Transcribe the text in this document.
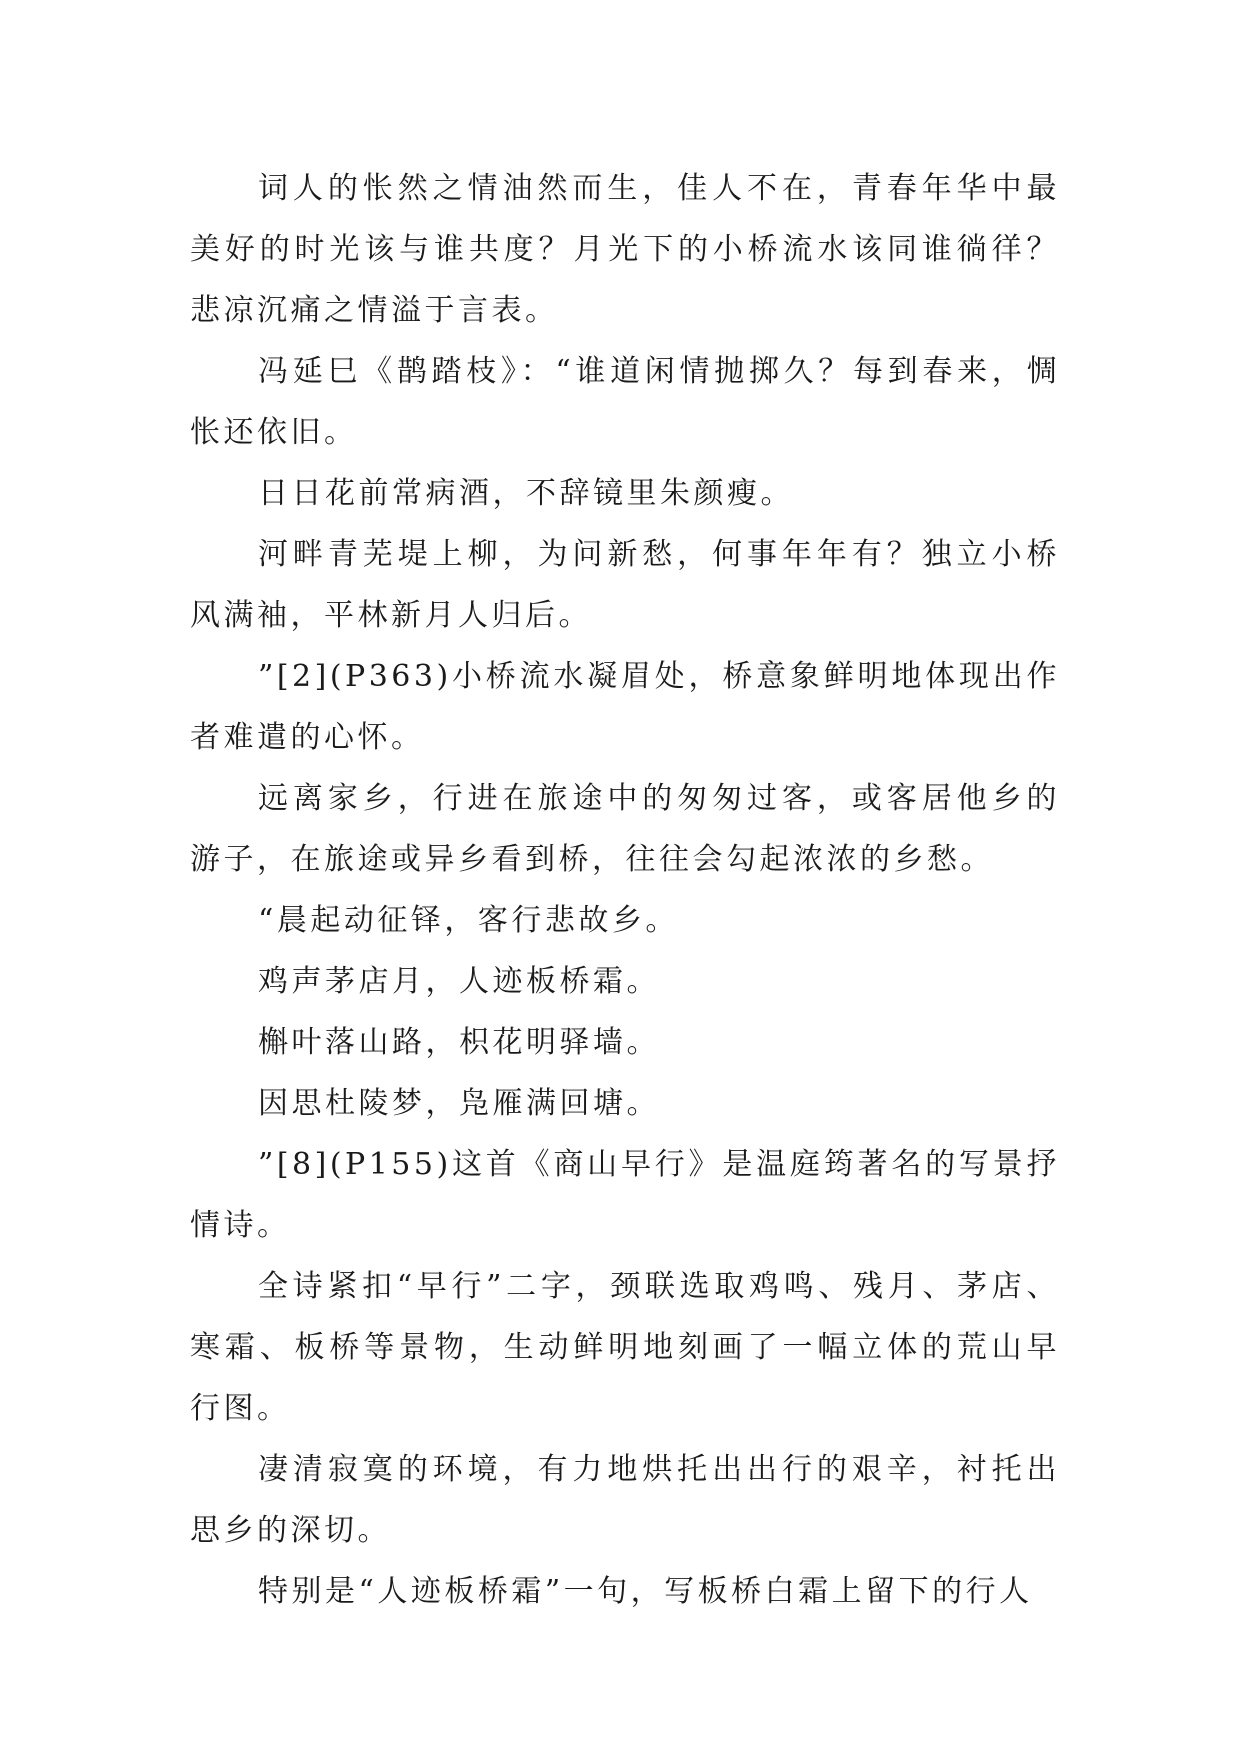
词人的怅然之情油然而生，佳人不在，青春年华中最美好的时光该与谁共度？月光下的小桥流水该同谁徜徉？悲凉沉痛之情溢于言表。

冯延巳《鹊踏枝》：“谁道闲情抛掷久？每到春来，惆怅还依旧。

日日花前常病酒，不辞镜里朱颜瘦。

河畔青芜堤上柳，为问新愁，何事年年有？独立小桥风满袖，平林新月人归后。

”[2](P363)小桥流水凝眉处，桥意象鲜明地体现出作者难遣的心怀。

远离家乡，行进在旅途中的匆匆过客，或客居他乡的游子，在旅途或异乡看到桥，往往会勾起浓浓的乡愁。

“晨起动征铎，客行悲故乡。

鸡声茅店月，人迹板桥霜。

槲叶落山路，枳花明驿墙。

因思杜陵梦，凫雁满回塘。

”[8](P155)这首《商山早行》是温庭筠著名的写景抒情诗。

全诗紧扣“早行”二字，颈联选取鸡鸣、残月、茅店、寒霜、板桥等景物，生动鲜明地刻画了一幅立体的荒山早行图。

凄清寂寞的环境，有力地烘托出出行的艰辛，衬托出思乡的深切。

特别是“人迹板桥霜”一句，写板桥白霜上留下的行人
